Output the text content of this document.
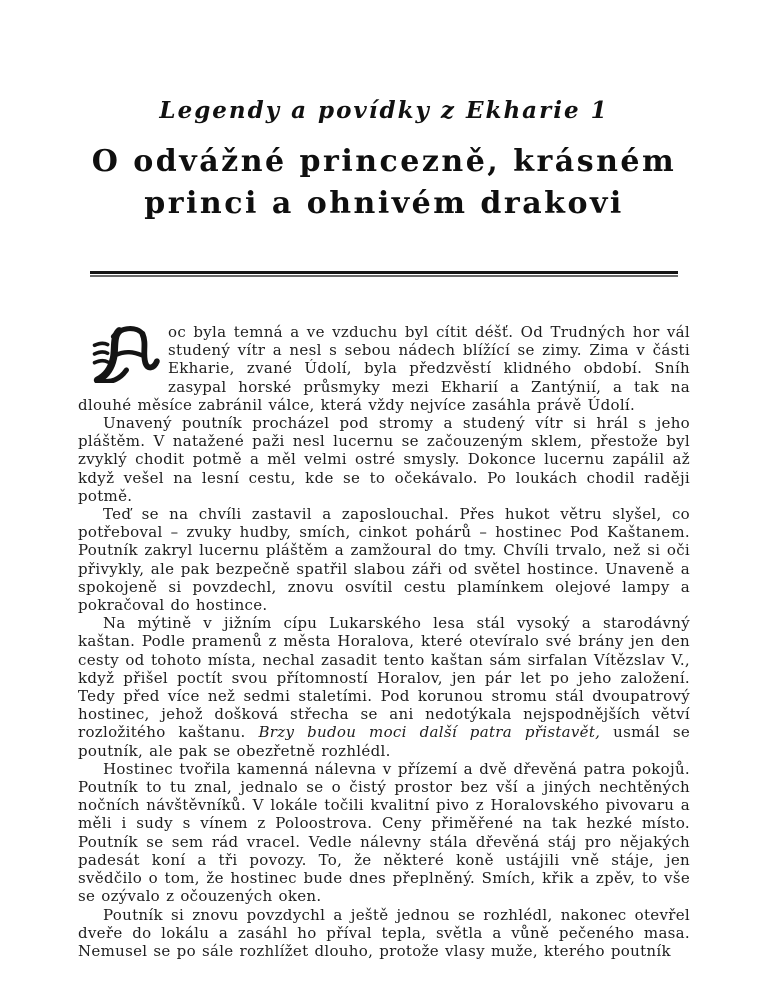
Legendy a povídky z Ekharie 1
O odvážné princezně, krásném
princi a ohnivém drakovi

oc byla temná a ve vzduchu byl cítit déšť. Od Trudných hor vál studený vítr a nesl s sebou nádech blížící se zimy. Zima v části Ekharie, zvané Údolí, byla předzvěstí klidného období. Sníh zasypal horské průsmyky mezi Ekharií a Zantýnií, a tak na dlouhé měsíce zabránil válce, která vždy nejvíce zasáhla právě Údolí.

Unavený poutník procházel pod stromy a studený vítr si hrál s jeho pláštěm. V natažené paži nesl lucernu se začouzeným sklem, přestože byl zvyklý chodit potmě a měl velmi ostré smysly. Dokonce lucernu zapálil až když vešel na lesní cestu, kde se to očekávalo. Po loukách chodil raději potmě.

Teď se na chvíli zastavil a zaposlouchal. Přes hukot větru slyšel, co potřeboval – zvuky hudby, smích, cinkot pohárů – hostinec Pod Kaštanem. Poutník zakryl lucernu pláštěm a zamžoural do tmy. Chvíli trvalo, než si oči přivykly, ale pak bezpečně spatřil slabou záři od světel hostince. Unaveně a spokojeně si povzdechl, znovu osvítil cestu plamínkem olejové lampy a pokračoval do hostince.

Na mýtině v jižním cípu Lukarského lesa stál vysoký a starodávný kaštan. Podle pramenů z města Horalova, které otevíralo své brány jen den cesty od tohoto místa, nechal zasadit tento kaštan sám sirfalan Vítězslav V., když přišel poctít svou přítomností Horalov, jen pár let po jeho založení. Tedy před více než sedmi staletími. Pod korunou stromu stál dvoupatrový hostinec, jehož došková střecha se ani nedotýkala nejspodnějších větví rozložitého kaštanu. Brzy budou moci další patra přistavět, usmál se poutník, ale pak se obezřetně rozhlédl.

Hostinec tvořila kamenná nálevna v přízemí a dvě dřevěná patra pokojů. Poutník to tu znal, jednalo se o čistý prostor bez vší a jiných nechtěných nočních návštěvníků. V lokále točili kvalitní pivo z Horalovského pivovaru a měli i sudy s vínem z Poloostrova. Ceny přiměřené na tak hezké místo. Poutník se sem rád vracel. Vedle nálevny stála dřevěná stáj pro nějakých padesát koní a tři povozy. To, že některé koně ustájili vně stáje, jen svědčilo o tom, že hostinec bude dnes přeplněný. Smích, křik a zpěv, to vše se ozývalo z očouzených oken.

Poutník si znovu povzdychl a ještě jednou se rozhlédl, nakonec otevřel dveře do lokálu a zasáhl ho příval tepla, světla a vůně pečeného masa. Nemusel se po sále rozhlížet dlouho, protože vlasy muže, kterého poutník
